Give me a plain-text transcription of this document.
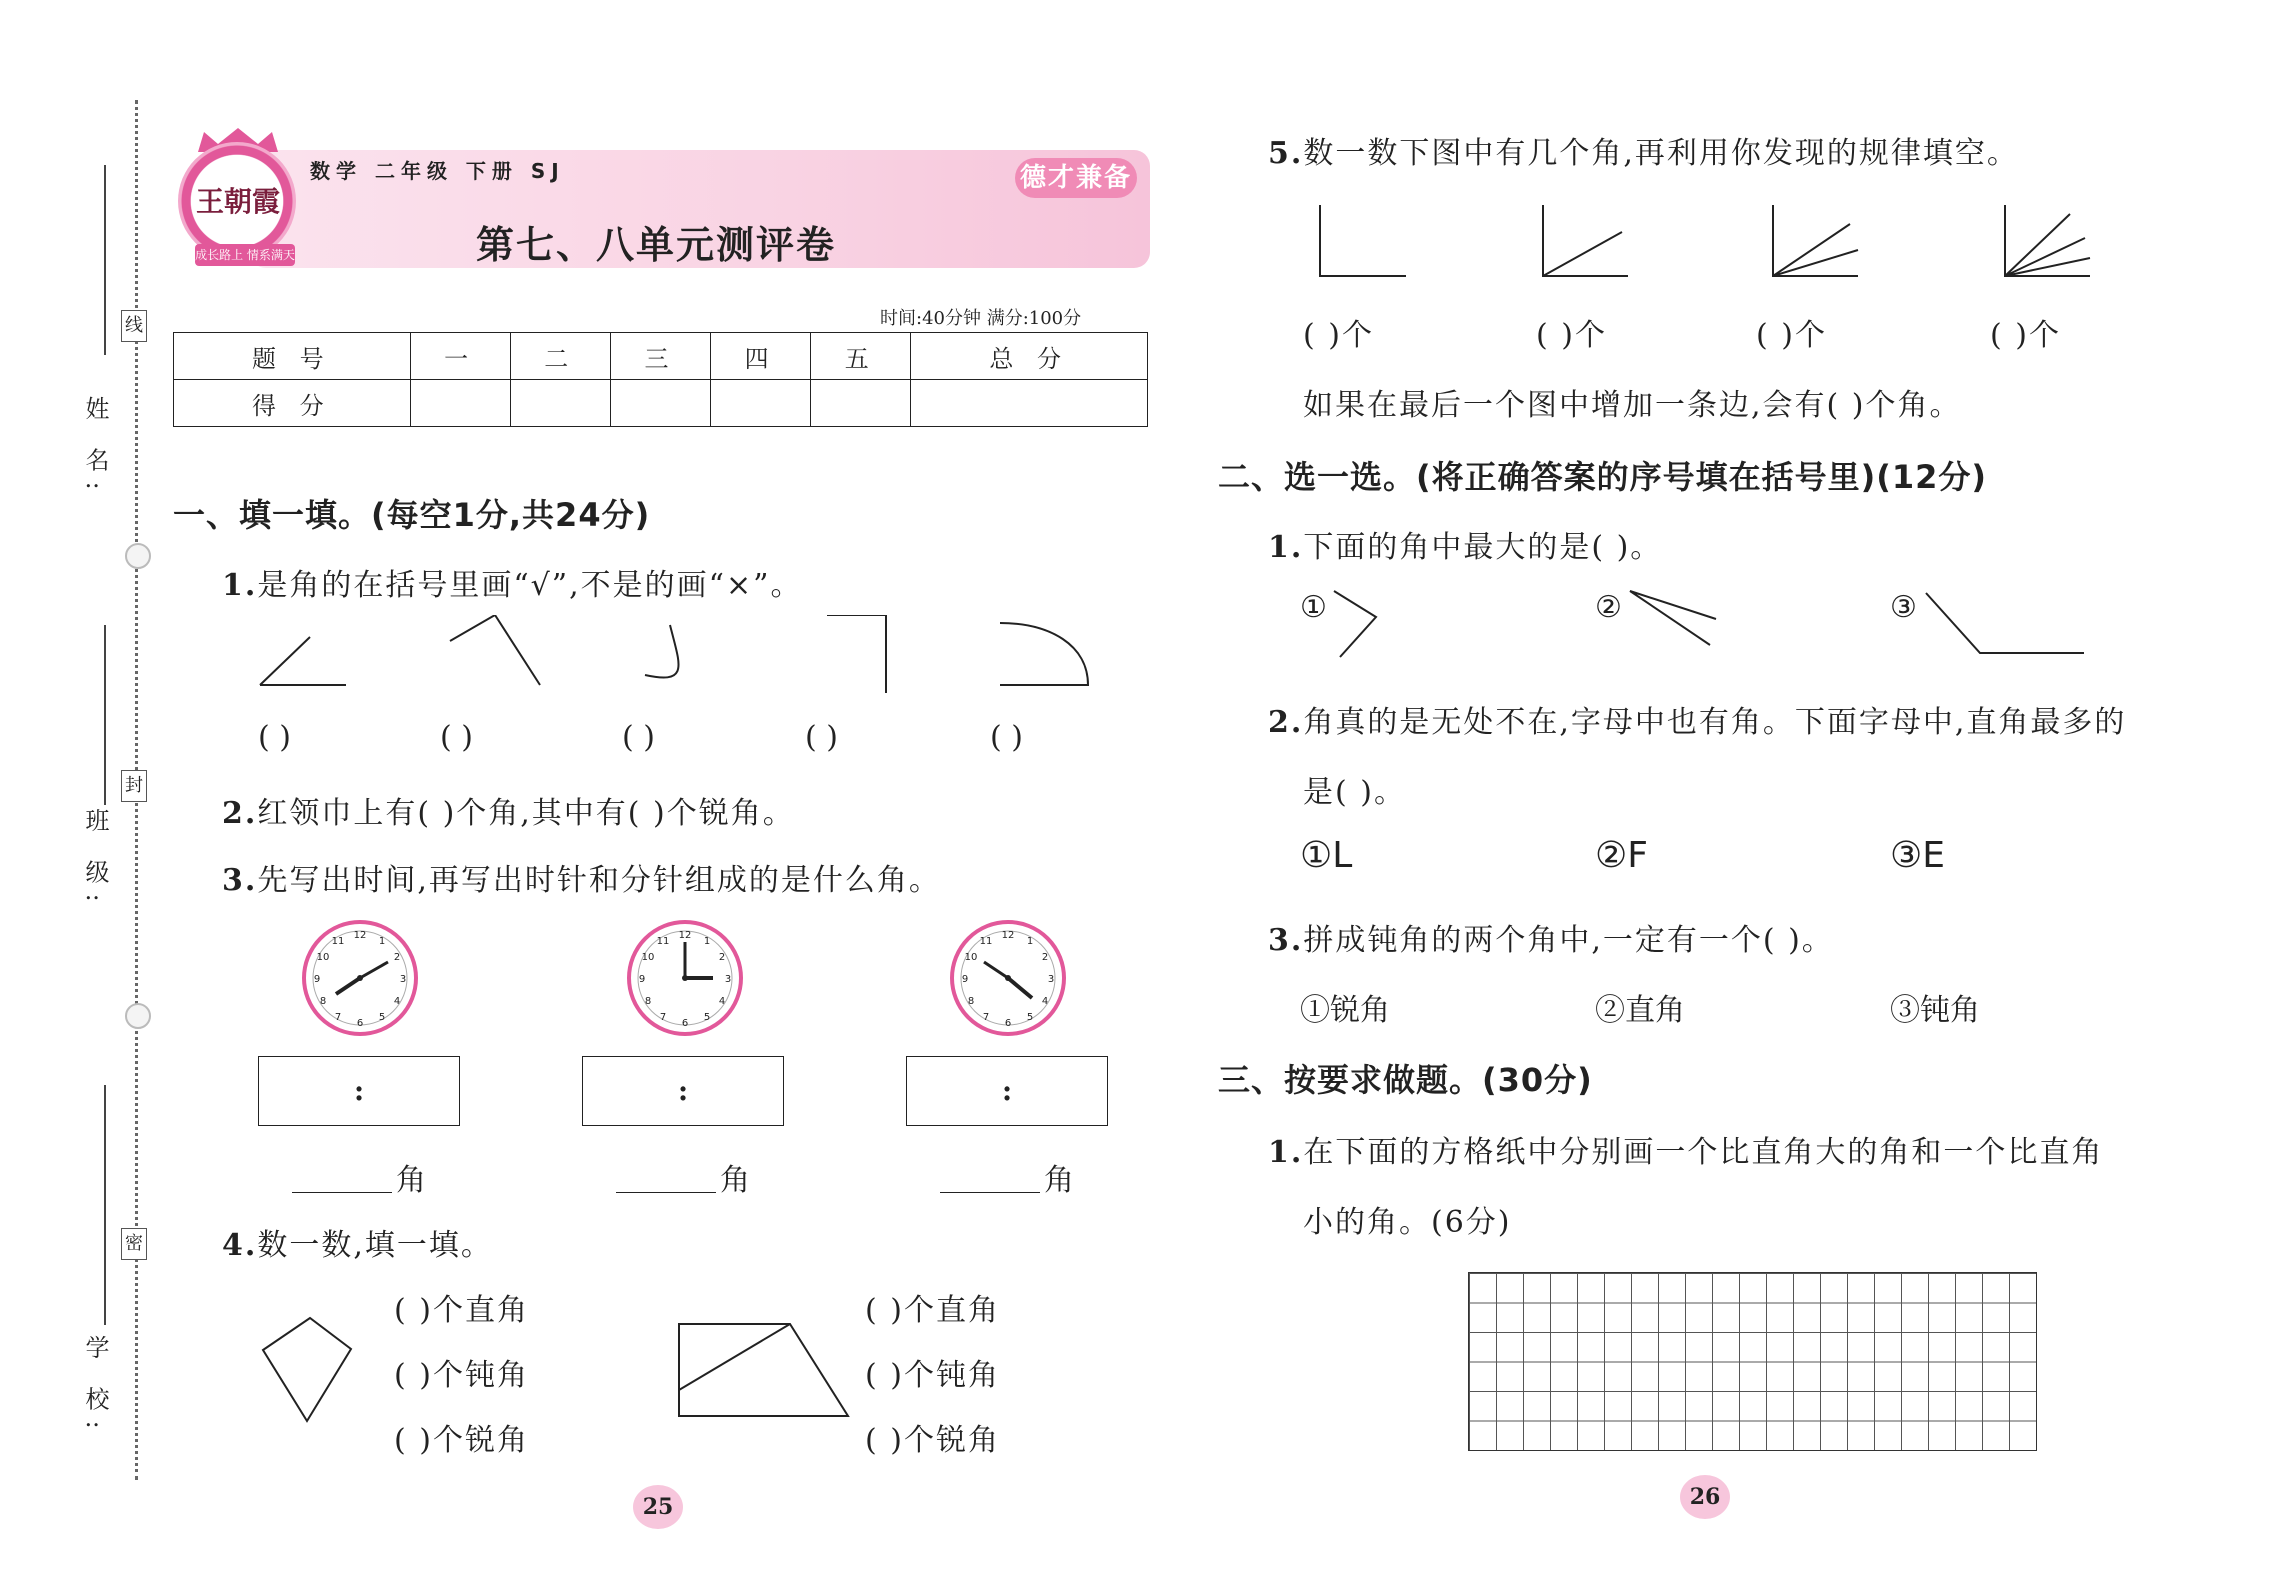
姓 名:
班 级:
学 校:
线
封
密
王朝霞
成长路上 情系满天
数学 二年级 下册 SJ
第七、八单元测评卷
德才兼备
时间:40分钟 满分:100分
题 号	一	二	三	四	五	总 分
得 分						
一、填一填。(每空1分,共24分)
1.是角的在括号里画“√”,不是的画“×”。
( )	( )	( )	( )	( )
2.红领巾上有( )个角,其中有( )个锐角。
3.先写出时间,再写出时针和分针组成的是什么角。
12
1
2
3
4
5
6
7
8
9
10
11
12
1
2
3
4
5
6
7
8
9
10
11
12
1
2
3
4
5
6
7
8
9
10
11
:	:	:
角	角	角
4.数一数,填一填。
( )个直角
( )个钝角
( )个锐角
( )个直角
( )个钝角
( )个锐角
25
5.数一数下图中有几个角,再利用你发现的规律填空。
( )个	( )个	( )个	( )个
如果在最后一个图中增加一条边,会有( )个角。
二、选一选。(将正确答案的序号填在括号里)(12分)
1.下面的角中最大的是( )。
①	②	③
2.角真的是无处不在,字母中也有角。下面字母中,直角最多的
是( )。
①L	②F	③E
3.拼成钝角的两个角中,一定有一个( )。
①锐角	②直角	③钝角
三、按要求做题。(30分)
1.在下面的方格纸中分别画一个比直角大的角和一个比直角
小的角。(6分)
26
